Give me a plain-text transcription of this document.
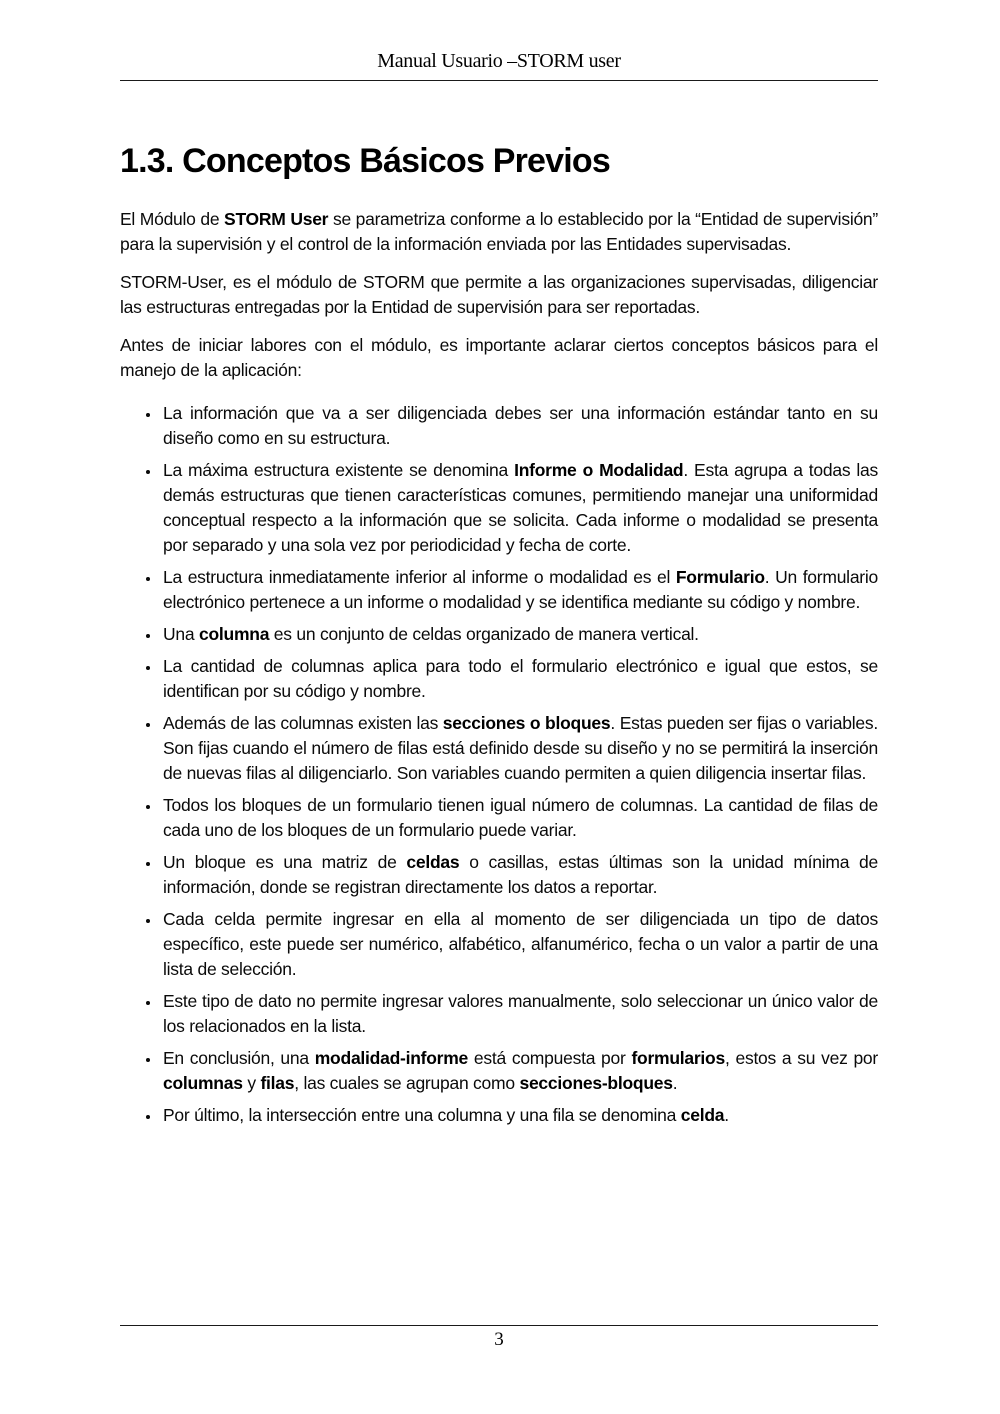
Manual Usuario –STORM user
1.3. Conceptos Básicos Previos

El Módulo de STORM User se parametriza conforme a lo establecido por la “Entidad de supervisión” para la supervisión y el control de la información enviada por las Entidades supervisadas.

STORM-User, es el módulo de STORM que permite a las organizaciones supervisadas, diligenciar las estructuras entregadas por la Entidad de supervisión para ser reportadas.

Antes de iniciar labores con el módulo, es importante aclarar ciertos conceptos básicos para el manejo de la aplicación:

• La información que va a ser diligenciada debes ser una información estándar tanto en su diseño como en su estructura.
• La máxima estructura existente se denomina Informe o Modalidad. Esta agrupa a todas las demás estructuras que tienen características comunes, permitiendo manejar una uniformidad conceptual respecto a la información que se solicita. Cada informe o modalidad se presenta por separado y una sola vez por periodicidad y fecha de corte.
• La estructura inmediatamente inferior al informe o modalidad es el Formulario. Un formulario electrónico pertenece a un informe o modalidad y se identifica mediante su código y nombre.
• Una columna es un conjunto de celdas organizado de manera vertical.
• La cantidad de columnas aplica para todo el formulario electrónico e igual que estos, se identifican por su código y nombre.
• Además de las columnas existen las secciones o bloques. Estas pueden ser fijas o variables. Son fijas cuando el número de filas está definido desde su diseño y no se permitirá la inserción de nuevas filas al diligenciarlo. Son variables cuando permiten a quien diligencia insertar filas.
• Todos los bloques de un formulario tienen igual número de columnas. La cantidad de filas de cada uno de los bloques de un formulario puede variar.
• Un bloque es una matriz de celdas o casillas, estas últimas son la unidad mínima de información, donde se registran directamente los datos a reportar.
• Cada celda permite ingresar en ella al momento de ser diligenciada un tipo de datos específico, este puede ser numérico, alfabético, alfanumérico, fecha o un valor a partir de una lista de selección.
• Este tipo de dato no permite ingresar valores manualmente, solo seleccionar un único valor de los relacionados en la lista.
• En conclusión, una modalidad-informe está compuesta por formularios, estos a su vez por columnas y filas, las cuales se agrupan como secciones-bloques.
• Por último, la intersección entre una columna y una fila se denomina celda.
3
